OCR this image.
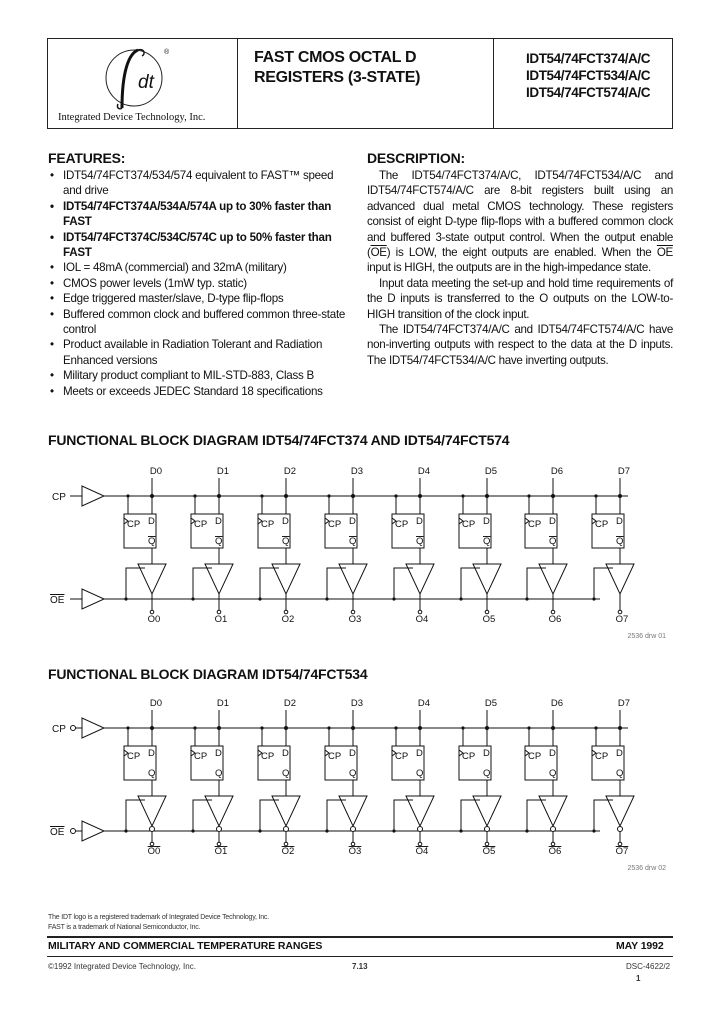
dt
®
Integrated Device Technology, Inc.
FAST CMOS OCTAL D
REGISTERS (3-STATE)
IDT54/74FCT374/A/C
IDT54/74FCT534/A/C
IDT54/74FCT574/A/C
FEATURES:
• IDT54/74FCT374/534/574 equivalent to FAST™ speed and drive
• IDT54/74FCT374A/534A/574A up to 30% faster than FAST
• IDT54/74FCT374C/534C/574C up to 50% faster than FAST
• IOL = 48mA (commercial) and 32mA (military)
• CMOS power levels (1mW typ. static)
• Edge triggered master/slave, D-type flip-flops
• Buffered common clock and buffered common three-state control
• Product available in Radiation Tolerant and Radiation Enhanced versions
• Military product compliant to MIL-STD-883, Class B
• Meets or exceeds JEDEC Standard 18 specifications
DESCRIPTION:

The IDT54/74FCT374/A/C, IDT54/74FCT534/A/C and IDT54/74FCT574/A/C are 8-bit registers built using an advanced dual metal CMOS technology. These registers consist of eight D-type flip-flops with a buffered common clock and buffered 3-state output control. When the output enable $(\overline{OE})$ is LOW, the eight outputs are enabled. When the $\overline{OE}$ input is HIGH, the outputs are in the high-impedance state.

Input data meeting the set-up and hold time requirements of the D inputs is transferred to the O outputs on the LOW-to-HIGH transition of the clock input.

The IDT54/74FCT374/A/C and IDT54/74FCT574/A/C have non-inverting outputs with respect to the data at the D inputs. The IDT54/74FCT534/A/C have inverting outputs.

FUNCTIONAL BLOCK DIAGRAM IDT54/74FCT374 AND IDT54/74FCT574
CP
OE
D0
CP D
Q
O0
D1
CP D
Q
O1
D2
CP D
Q
O2
D3
CP D
Q
O3
D4
CP D
Q
O4
D5
CP D
Q
O5
D6
CP D
Q
O6
D7
CP D
Q
O7
2536 drw 01
FUNCTIONAL BLOCK DIAGRAM IDT54/74FCT534
CP
OE
D0
CP D
Q
O0
D1
CP D
Q
O1
D2
CP D
Q
O2
D3
CP D
Q
O3
D4
CP D
Q
O4
D5
CP D
Q
O5
D6
CP D
Q
O6
D7
CP D
Q
O7
2536 drw 02
The IDT logo is a registered trademark of Integrated Device Technology, Inc.
FAST is a trademark of National Semiconductor, Inc.
MILITARY AND COMMERCIAL TEMPERATURE RANGES	MAY 1992
©1992 Integrated Device Technology, Inc.	7.13	DSC-4622/2
1
